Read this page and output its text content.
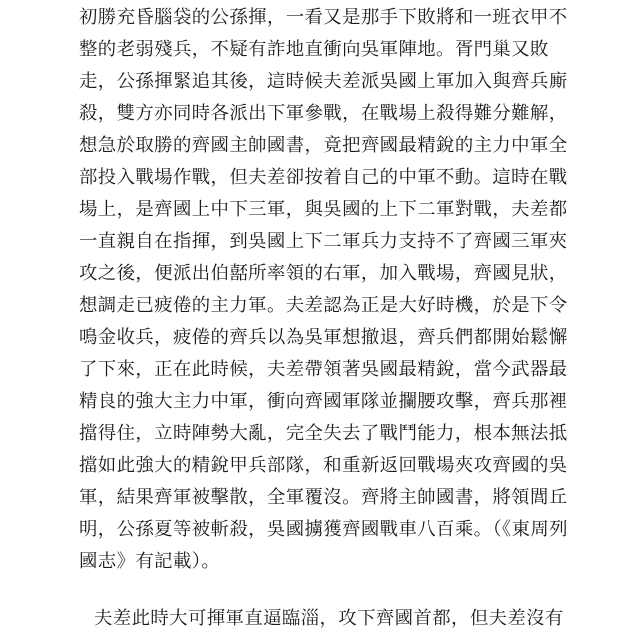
初勝充昏腦袋的公孫揮，一看又是那手下敗將和一班衣甲不
整的老弱殘兵，不疑有詐地直衝向吳軍陣地。胥門巢又敗
走，公孫揮緊追其後，這時候夫差派吳國上軍加入與齊兵廝
殺，雙方亦同時各派出下軍參戰，在戰場上殺得難分難解，
想急於取勝的齊國主帥國書，竟把齊國最精銳的主力中軍全
部投入戰場作戰，但夫差卻按着自己的中軍不動。這時在戰
場上，是齊國上中下三軍，與吳國的上下二軍對戰，夫差都
一直親自在指揮，到吳國上下二軍兵力支持不了齊國三軍夾
攻之後，便派出伯嚭所率領的右軍，加入戰場，齊國見狀，
想調走已疲倦的主力軍。夫差認為正是大好時機，於是下令
鳴金收兵，疲倦的齊兵以為吳軍想撤退，齊兵們都開始鬆懈
了下來，正在此時候，夫差帶領著吳國最精銳，當今武器最
精良的強大主力中軍，衝向齊國軍隊並攔腰攻擊，齊兵那裡
擋得住，立時陣勢大亂，完全失去了戰鬥能力，根本無法抵
擋如此強大的精銳甲兵部隊，和重新返回戰場夾攻齊國的吳
軍，結果齊軍被擊散，全軍覆沒。齊將主帥國書，將領閭丘
明，公孫夏等被斬殺，吳國擄獲齊國戰車八百乘。（《東周列
國志》有記載）。
夫差此時大可揮軍直逼臨淄，攻下齊國首都，但夫差沒有
